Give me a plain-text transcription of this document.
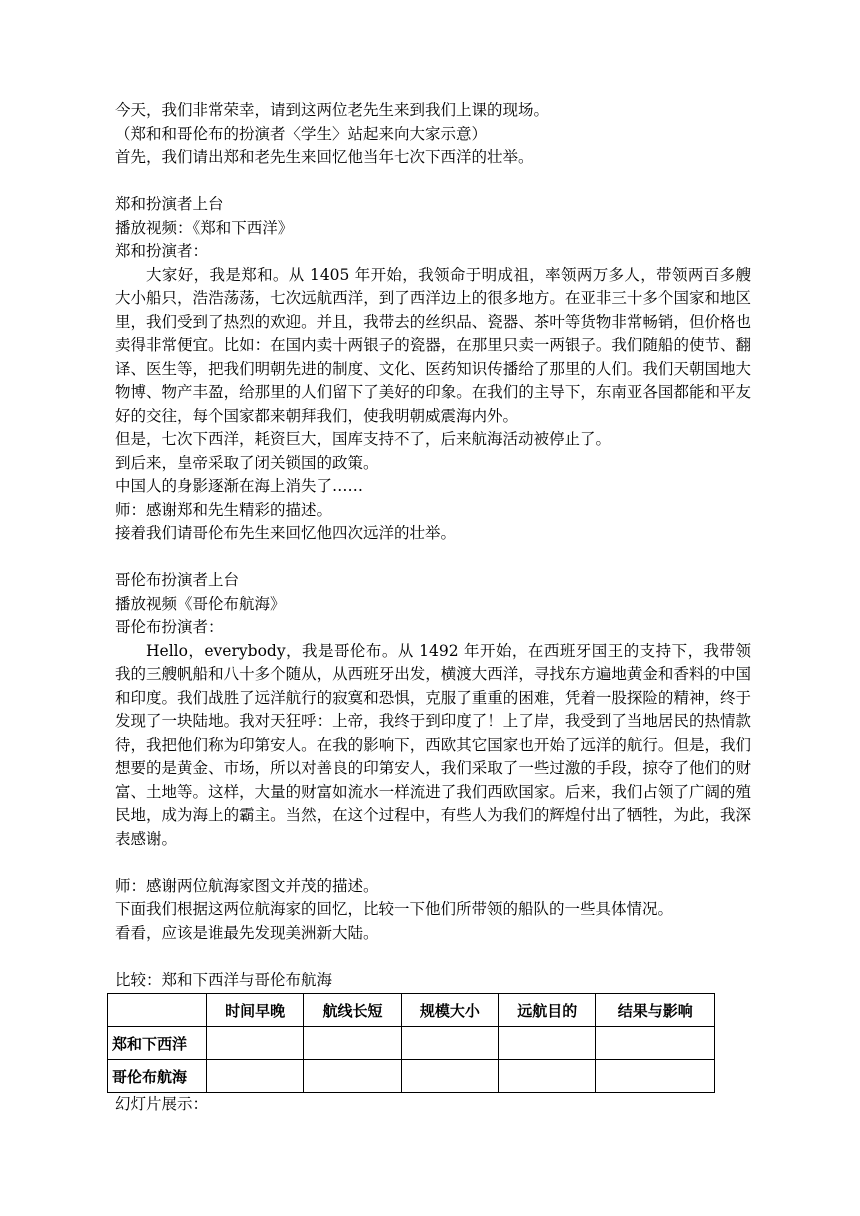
今天，我们非常荣幸，请到这两位老先生来到我们上课的现场。
（郑和和哥伦布的扮演者〈学生〉站起来向大家示意）
首先，我们请出郑和老先生来回忆他当年七次下西洋的壮举。
郑和扮演者上台
播放视频：《郑和下西洋》
郑和扮演者：
大家好，我是郑和。从 1405 年开始，我领命于明成祖，率领两万多人，带领两百多艘大小船只，浩浩荡荡，七次远航西洋，到了西洋边上的很多地方。在亚非三十多个国家和地区里，我们受到了热烈的欢迎。并且，我带去的丝织品、瓷器、茶叶等货物非常畅销，但价格也卖得非常便宜。比如：在国内卖十两银子的瓷器，在那里只卖一两银子。我们随船的使节、翻译、医生等，把我们明朝先进的制度、文化、医药知识传播给了那里的人们。我们天朝国地大物博、物产丰盈，给那里的人们留下了美好的印象。在我们的主导下，东南亚各国都能和平友好的交往，每个国家都来朝拜我们，使我明朝威震海内外。
但是，七次下西洋，耗资巨大，国库支持不了，后来航海活动被停止了。
到后来，皇帝采取了闭关锁国的政策。
中国人的身影逐渐在海上消失了……
师：感谢郑和先生精彩的描述。
接着我们请哥伦布先生来回忆他四次远洋的壮举。
哥伦布扮演者上台
播放视频《哥伦布航海》
哥伦布扮演者：
Hello，everybody，我是哥伦布。从 1492 年开始，在西班牙国王的支持下，我带领我的三艘帆船和八十多个随从，从西班牙出发，横渡大西洋，寻找东方遍地黄金和香料的中国和印度。我们战胜了远洋航行的寂寞和恐惧，克服了重重的困难，凭着一股探险的精神，终于发现了一块陆地。我对天狂呼：上帝，我终于到印度了！上了岸，我受到了当地居民的热情款待，我把他们称为印第安人。在我的影响下，西欧其它国家也开始了远洋的航行。但是，我们想要的是黄金、市场，所以对善良的印第安人，我们采取了一些过激的手段，掠夺了他们的财富、土地等。这样，大量的财富如流水一样流进了我们西欧国家。后来，我们占领了广阔的殖民地，成为海上的霸主。当然，在这个过程中，有些人为我们的辉煌付出了牺牲，为此，我深表感谢。
师：感谢两位航海家图文并茂的描述。
下面我们根据这两位航海家的回忆，比较一下他们所带领的船队的一些具体情况。
看看，应该是谁最先发现美洲新大陆。
比较：郑和下西洋与哥伦布航海
	时间早晚	航线长短	规模大小	远航目的	结果与影响
郑和下西洋					
哥伦布航海					
幻灯片展示：
